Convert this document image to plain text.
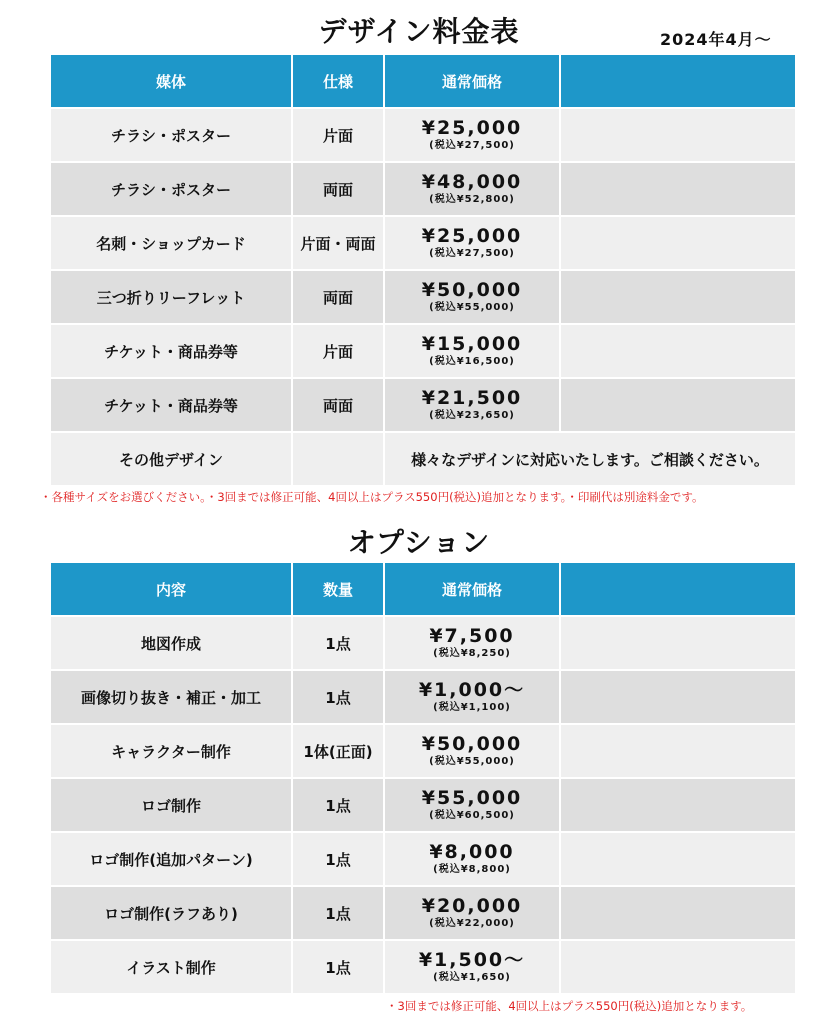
デザイン料金表	2024年4月〜
媒体	仕様	通常価格	
チラシ・ポスター	片面	¥25,000
(税込¥27,500)	

チラシ・ポスター	両面	¥48,000
(税込¥52,800)	

名刺・ショップカード	片面・両面	¥25,000
(税込¥27,500)	

三つ折りリーフレット	両面	¥50,000
(税込¥55,000)	

チケット・商品券等	片面	¥15,000
(税込¥16,500)	

チケット・商品券等	両面	¥21,500
(税込¥23,650)	

その他デザイン		様々なデザインに対応いたします。ご相談ください。	
・各種サイズをお選びください。・3回までは修正可能、4回以上はプラス550円(税込)追加となります。・印刷代は別途料金です。
オプション
内容	数量	通常価格	
地図作成	1点	¥7,500
(税込¥8,250)	

画像切り抜き・補正・加工	1点	¥1,000〜
(税込¥1,100)	

キャラクター制作	1体(正面)	¥50,000
(税込¥55,000)	

ロゴ制作	1点	¥55,000
(税込¥60,500)	

ロゴ制作(追加パターン)	1点	¥8,000
(税込¥8,800)	

ロゴ制作(ラフあり)	1点	¥20,000
(税込¥22,000)	

イラスト制作	1点	¥1,500〜
(税込¥1,650)	

・3回までは修正可能、4回以上はプラス550円(税込)追加となります。
